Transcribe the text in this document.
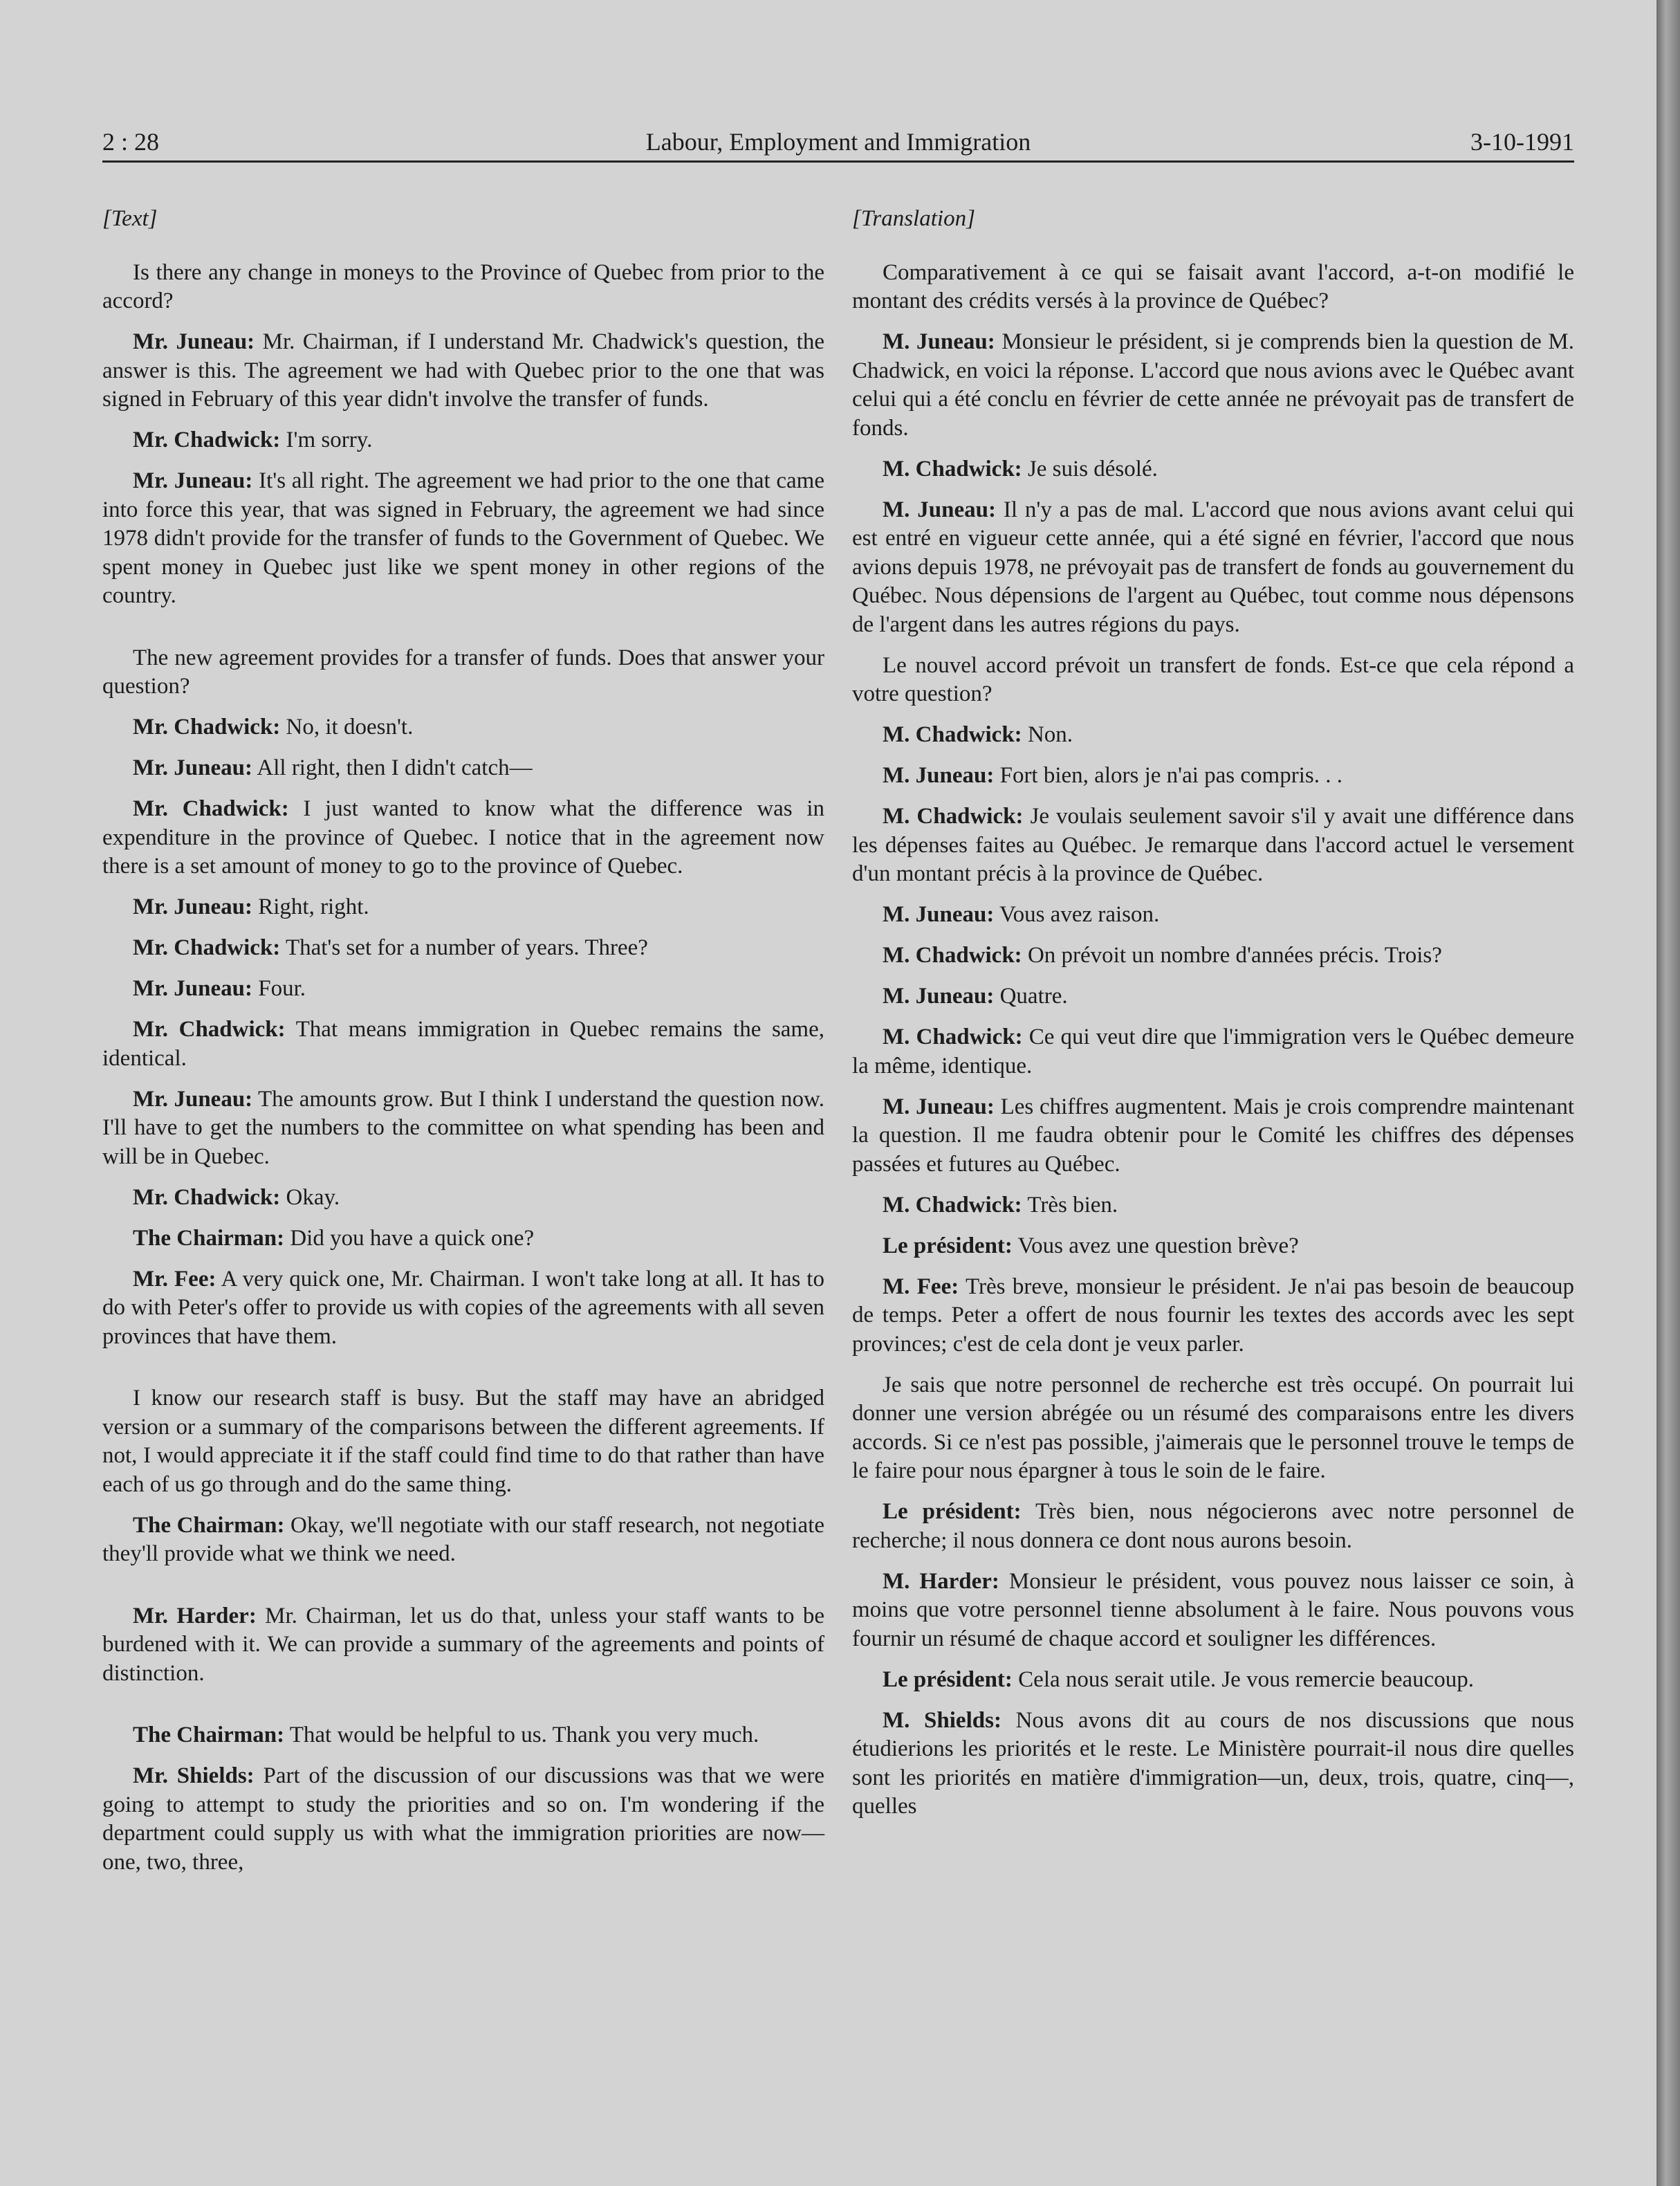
2 : 28	Labour, Employment and Immigration	3-10-1991
[Text]

Is there any change in moneys to the Province of Quebec from prior to the accord?

Mr. Juneau: Mr. Chairman, if I understand Mr. Chadwick's question, the answer is this. The agreement we had with Quebec prior to the one that was signed in February of this year didn't involve the transfer of funds.

Mr. Chadwick: I'm sorry.

Mr. Juneau: It's all right. The agreement we had prior to the one that came into force this year, that was signed in February, the agreement we had since 1978 didn't provide for the transfer of funds to the Government of Quebec. We spent money in Quebec just like we spent money in other regions of the country.

The new agreement provides for a transfer of funds. Does that answer your question?

Mr. Chadwick: No, it doesn't.

Mr. Juneau: All right, then I didn't catch—

Mr. Chadwick: I just wanted to know what the difference was in expenditure in the province of Quebec. I notice that in the agreement now there is a set amount of money to go to the province of Quebec.

Mr. Juneau: Right, right.

Mr. Chadwick: That's set for a number of years. Three?

Mr. Juneau: Four.

Mr. Chadwick: That means immigration in Quebec remains the same, identical.

Mr. Juneau: The amounts grow. But I think I understand the question now. I'll have to get the numbers to the committee on what spending has been and will be in Quebec.

Mr. Chadwick: Okay.

The Chairman: Did you have a quick one?

Mr. Fee: A very quick one, Mr. Chairman. I won't take long at all. It has to do with Peter's offer to provide us with copies of the agreements with all seven provinces that have them.

I know our research staff is busy. But the staff may have an abridged version or a summary of the comparisons between the different agreements. If not, I would appreciate it if the staff could find time to do that rather than have each of us go through and do the same thing.

The Chairman: Okay, we'll negotiate with our staff research, not negotiate they'll provide what we think we need.

Mr. Harder: Mr. Chairman, let us do that, unless your staff wants to be burdened with it. We can provide a summary of the agreements and points of distinction.

The Chairman: That would be helpful to us. Thank you very much.

Mr. Shields: Part of the discussion of our discussions was that we were going to attempt to study the priorities and so on. I'm wondering if the department could supply us with what the immigration priorities are now—one, two, three,

[Translation]

Comparativement à ce qui se faisait avant l'accord, a-t-on modifié le montant des crédits versés à la province de Québec?

M. Juneau: Monsieur le président, si je comprends bien la question de M. Chadwick, en voici la réponse. L'accord que nous avions avec le Québec avant celui qui a été conclu en février de cette année ne prévoyait pas de transfert de fonds.

M. Chadwick: Je suis désolé.

M. Juneau: Il n'y a pas de mal. L'accord que nous avions avant celui qui est entré en vigueur cette année, qui a été signé en février, l'accord que nous avions depuis 1978, ne prévoyait pas de transfert de fonds au gouvernement du Québec. Nous dépensions de l'argent au Québec, tout comme nous dépensons de l'argent dans les autres régions du pays.

Le nouvel accord prévoit un transfert de fonds. Est-ce que cela répond a votre question?

M. Chadwick: Non.

M. Juneau: Fort bien, alors je n'ai pas compris. . .

M. Chadwick: Je voulais seulement savoir s'il y avait une différence dans les dépenses faites au Québec. Je remarque dans l'accord actuel le versement d'un montant précis à la province de Québec.

M. Juneau: Vous avez raison.

M. Chadwick: On prévoit un nombre d'années précis. Trois?

M. Juneau: Quatre.

M. Chadwick: Ce qui veut dire que l'immigration vers le Québec demeure la même, identique.

M. Juneau: Les chiffres augmentent. Mais je crois comprendre maintenant la question. Il me faudra obtenir pour le Comité les chiffres des dépenses passées et futures au Québec.

M. Chadwick: Très bien.

Le président: Vous avez une question brève?

M. Fee: Très breve, monsieur le président. Je n'ai pas besoin de beaucoup de temps. Peter a offert de nous fournir les textes des accords avec les sept provinces; c'est de cela dont je veux parler.

Je sais que notre personnel de recherche est très occupé. On pourrait lui donner une version abrégée ou un résumé des comparaisons entre les divers accords. Si ce n'est pas possible, j'aimerais que le personnel trouve le temps de le faire pour nous épargner à tous le soin de le faire.

Le président: Très bien, nous négocierons avec notre personnel de recherche; il nous donnera ce dont nous aurons besoin.

M. Harder: Monsieur le président, vous pouvez nous laisser ce soin, à moins que votre personnel tienne absolument à le faire. Nous pouvons vous fournir un résumé de chaque accord et souligner les différences.

Le président: Cela nous serait utile. Je vous remercie beaucoup.

M. Shields: Nous avons dit au cours de nos discussions que nous étudierions les priorités et le reste. Le Ministère pourrait-il nous dire quelles sont les priorités en matière d'immigration—un, deux, trois, quatre, cinq—, quelles
